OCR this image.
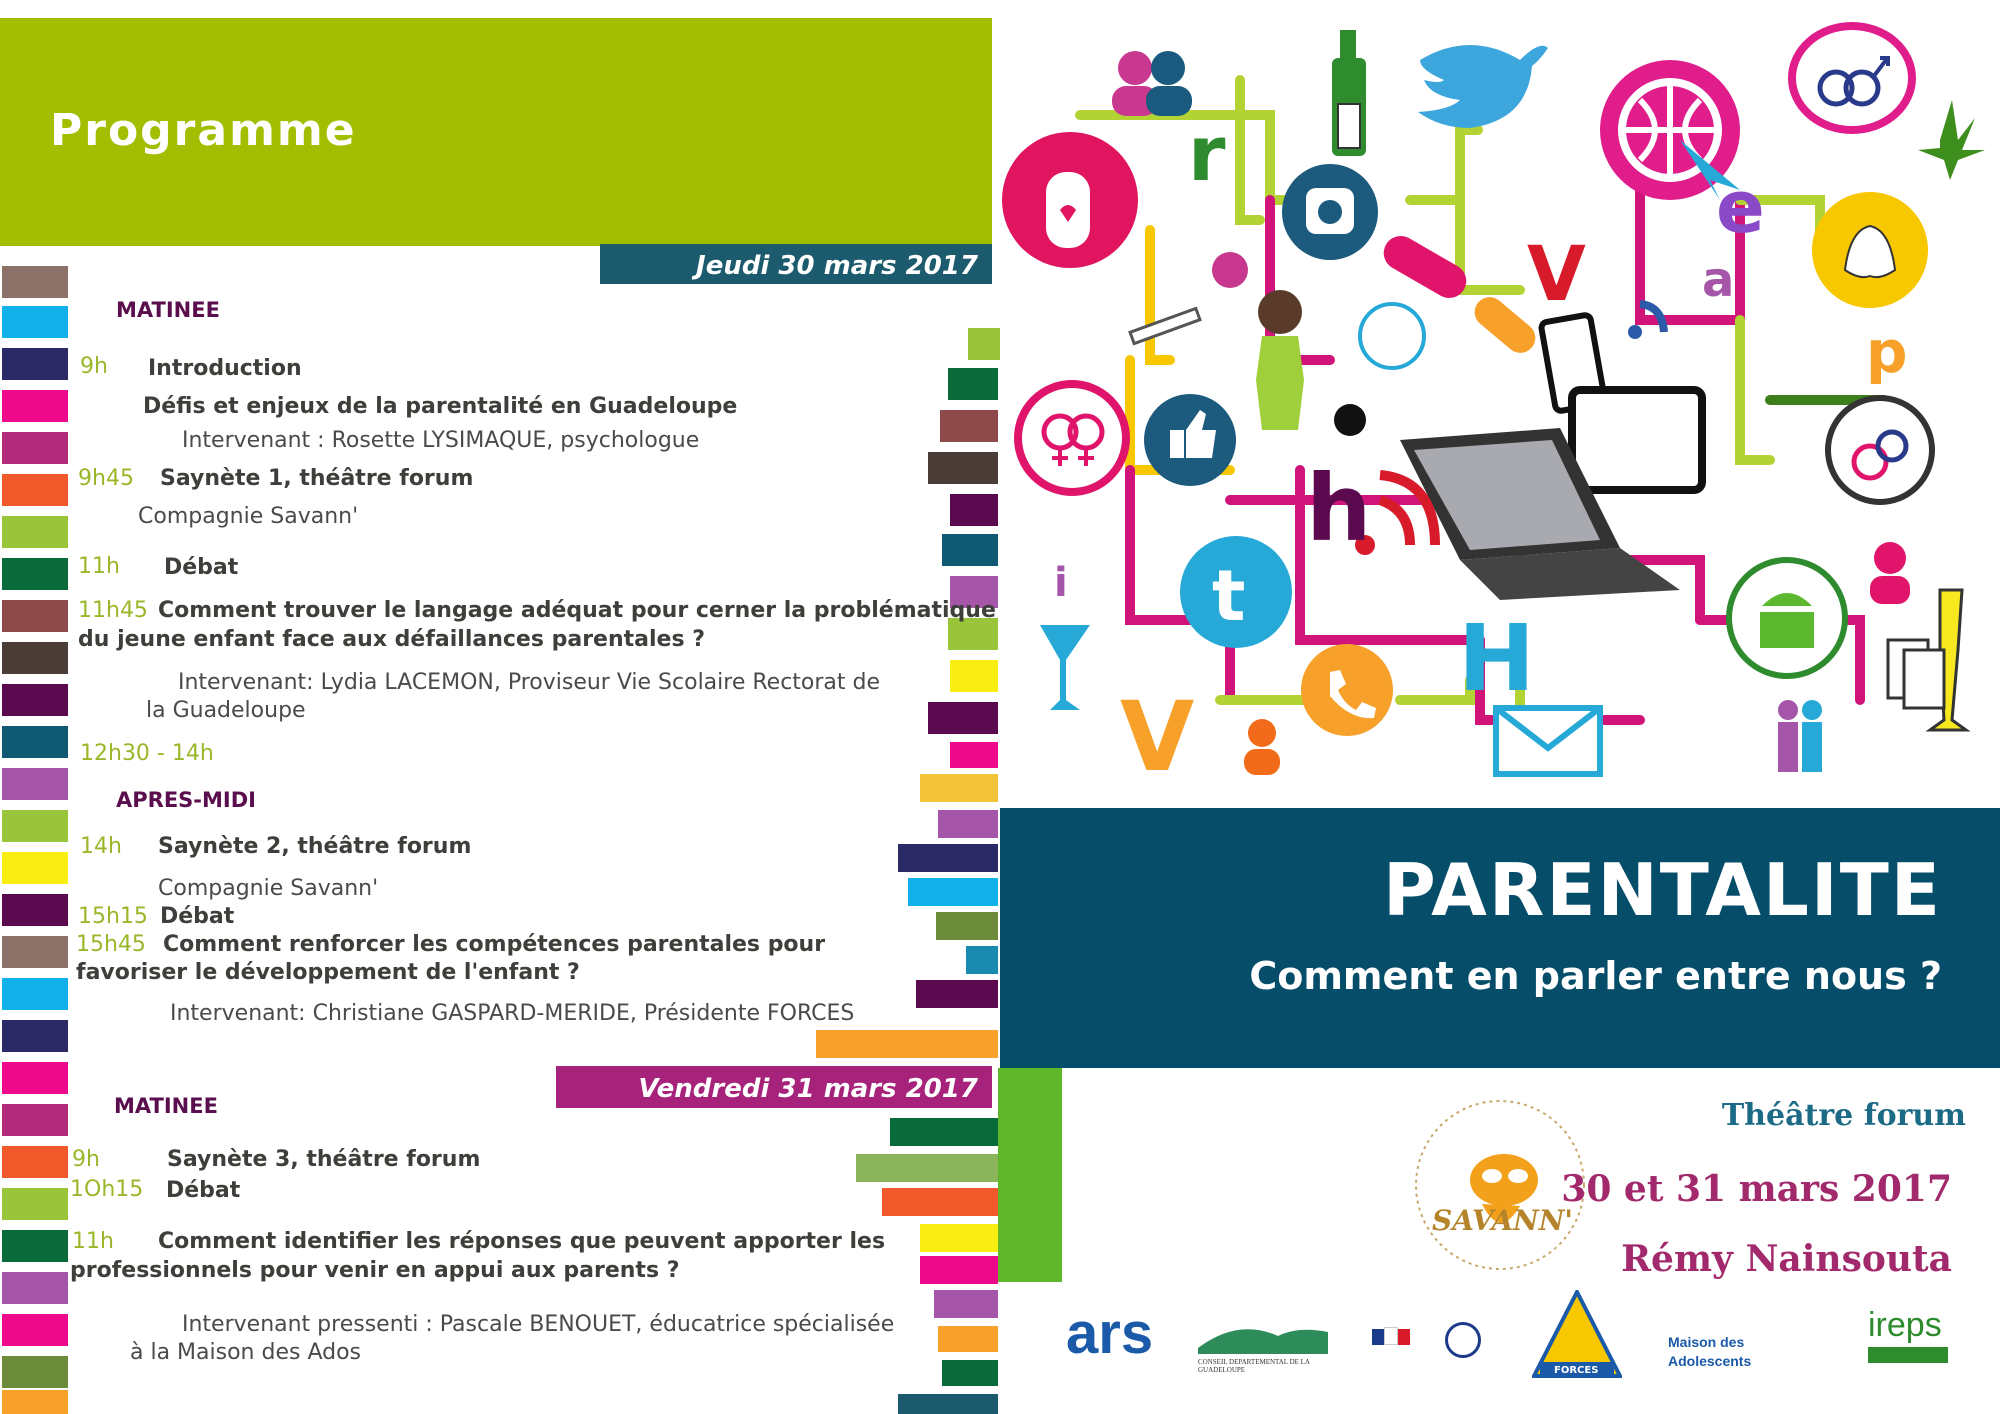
Programme
Jeudi 30 mars 2017
MATINEE
9h Introduction
Défis et enjeux de la parentalité en Guadeloupe
Intervenant : Rosette LYSIMAQUE, psychologue
9h45 Saynète 1, théâtre forum
Compagnie Savann'
11h Débat
11h45 Comment trouver le langage adéquat pour cerner la problématique
du jeune enfant face aux défaillances parentales ?
Intervenant: Lydia LACEMON, Proviseur Vie Scolaire Rectorat de
la Guadeloupe
12h30 - 14h
APRES-MIDI
14h Saynète 2, théâtre forum
Compagnie Savann'
15h15 Débat
15h45 Comment renforcer les compétences parentales pour
favoriser le développement de l'enfant ?
Intervenant: Christiane GASPARD-MERIDE, Présidente FORCES
Vendredi 31 mars 2017
MATINEE
9h	Saynète 3, théâtre forum
1Oh15 Débat
11h Comment identifier les réponses que peuvent apporter les
professionnels pour venir en appui aux parents ?
Intervenant pressenti : Pascale BENOUET, éducatrice spécialisée
à la Maison des Ados
t
r
V
e
a
p
h
H
V
i
PARENTALITE
Comment en parler entre nous ?
SAVANN'
Théâtre forum
30 et 31 mars 2017
Rémy Nainsouta
ars	CONSEIL DEPARTEMENTAL DE LA GUADELOUPE
	FORCES
Maison des Adolescents
ireps
